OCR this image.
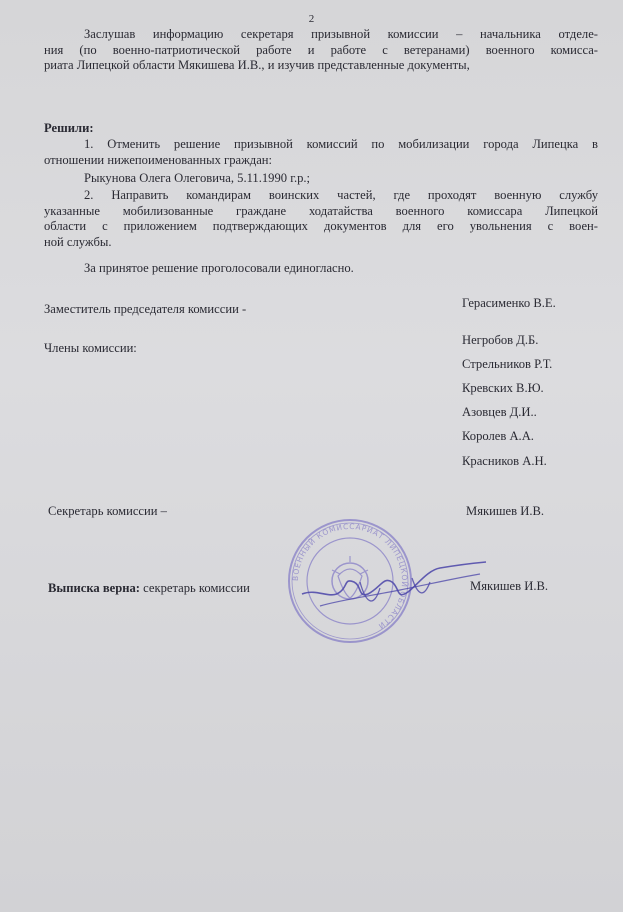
2
Заслушав информацию секретаря призывной комиссии – начальника отделе-
ния (по военно-патриотической работе и работе с ветеранами) военного комисса-
риата Липецкой области Мякишева И.В., и изучив представленные документы,
Решили:
1. Отменить решение призывной комиссий по мобилизации города Липецка в
отношении нижепоименованных граждан:
Рыкунова Олега Олеговича, 5.11.1990 г.р.;
2. Направить командирам воинских частей, где проходят военную службу
указанные мобилизованные граждане ходатайства военного комиссара Липецкой
области с приложением подтверждающих документов для его увольнения с воен-
ной службы.
За принятое решение проголосовали единогласно.
Заместитель председателя комиссии -	Герасименко В.Е.
Члены комиссии:
Негробов Д.Б.
Стрельников Р.Т.
Кревских В.Ю.
Азовцев Д.И..
Королев А.А.
Красников А.Н.
Секретарь комиссии –	Мякишев И.В.
Выписка верна: секретарь комиссии	Мякишев И.В.
ВОЕННЫЙ КОМИССАРИАТ ЛИПЕЦКОЙ ОБЛАСТИ
